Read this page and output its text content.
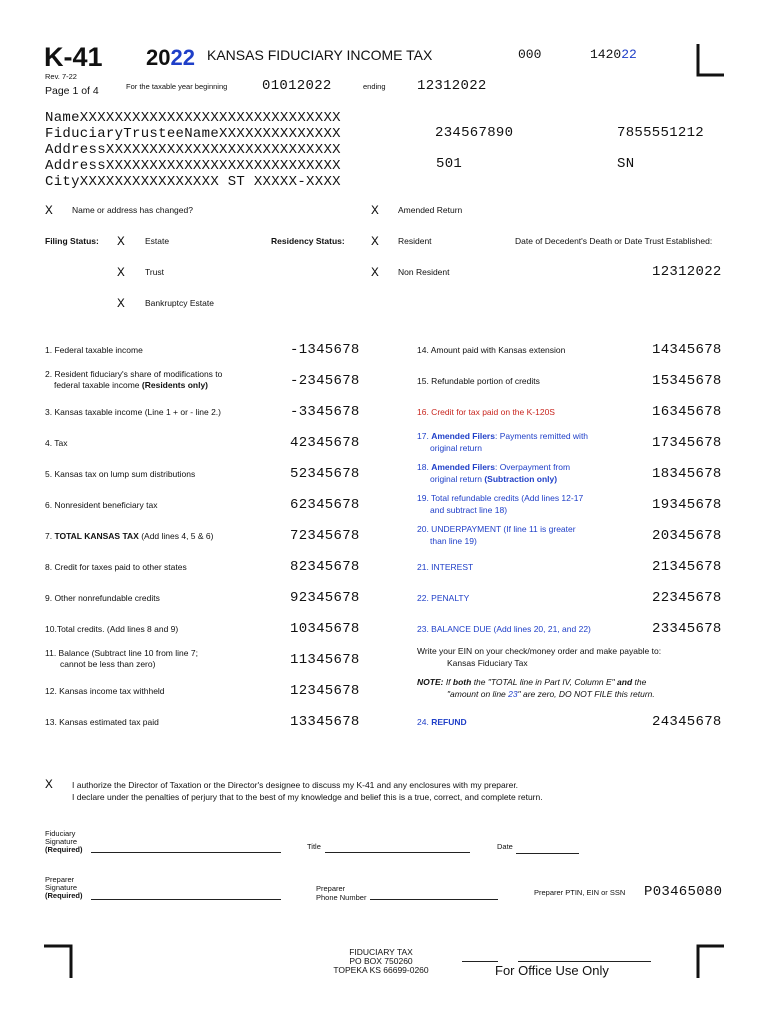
K-41
Rev. 7-22
Page 1 of 4
2022 KANSAS FIDUCIARY INCOME TAX	000	142022
For the taxable year beginning 01012022	ending 12312022
NameXXXXXXXXXXXXXXXXXXXXXXXXXXXXXX
FiduciaryTrusteeNameXXXXXXXXXXXXXX
AddressXXXXXXXXXXXXXXXXXXXXXXXXXXX
AddressXXXXXXXXXXXXXXXXXXXXXXXXXXX
CityXXXXXXXXXXXXXXXX ST XXXXX-XXXX
234567890	7855551212
501	SN
X Name or address has changed?	X Amended Return
Filing Status: X Estate	Residency Status: X Resident	Date of Decedent's Death or Date Trust Established:
X Trust	X Non Resident	12312022
X Bankruptcy Estate
1. Federal taxable income	-1345678
2. Resident fiduciary's share of modifications to
federal taxable income (Residents only)	-2345678
3. Kansas taxable income (Line 1 + or - line 2.)	-3345678
4. Tax	42345678
5. Kansas tax on lump sum distributions	52345678
6. Nonresident beneficiary tax	62345678
7. TOTAL KANSAS TAX (Add lines 4, 5 & 6)	72345678
8. Credit for taxes paid to other states	82345678
9. Other nonrefundable credits	92345678
10.Total credits. (Add lines 8 and 9)	10345678
11. Balance (Subtract line 10 from line 7;
cannot be less than zero)	11345678
12. Kansas income tax withheld	12345678
13. Kansas estimated tax paid	13345678
14. Amount paid with Kansas extension	14345678
15. Refundable portion of credits	15345678
16. Credit for tax paid on the K-120S	16345678
17. Amended Filers: Payments remitted with
original return	17345678
18. Amended Filers: Overpayment from
original return (Subtraction only)	18345678
19. Total refundable credits (Add lines 12-17
and subtract line 18)	19345678
20. UNDERPAYMENT (If line 11 is greater
than line 19)	20345678
21. INTEREST	21345678
22. PENALTY	22345678
23. BALANCE DUE (Add lines 20, 21, and 22)	23345678
Write your EIN on your check/money order and make payable to:
Kansas Fiduciary Tax
NOTE: If both the "TOTAL line in Part IV, Column E" and the
"amount on line 23" are zero, DO NOT FILE this return.
24. REFUND	24345678
X I authorize the Director of Taxation or the Director's designee to discuss my K-41 and any enclosures with my preparer.
I declare under the penalties of perjury that to the best of my knowledge and belief this is a true, correct, and complete return.
Fiduciary
Signature
(Required)	Title	Date
Preparer
Signature
(Required)
Preparer
Phone Number
Preparer PTIN, EIN or SSN P03465080
FIDUCIARY TAX
PO BOX 750260
TOPEKA KS 66699-0260	For Office Use Only
